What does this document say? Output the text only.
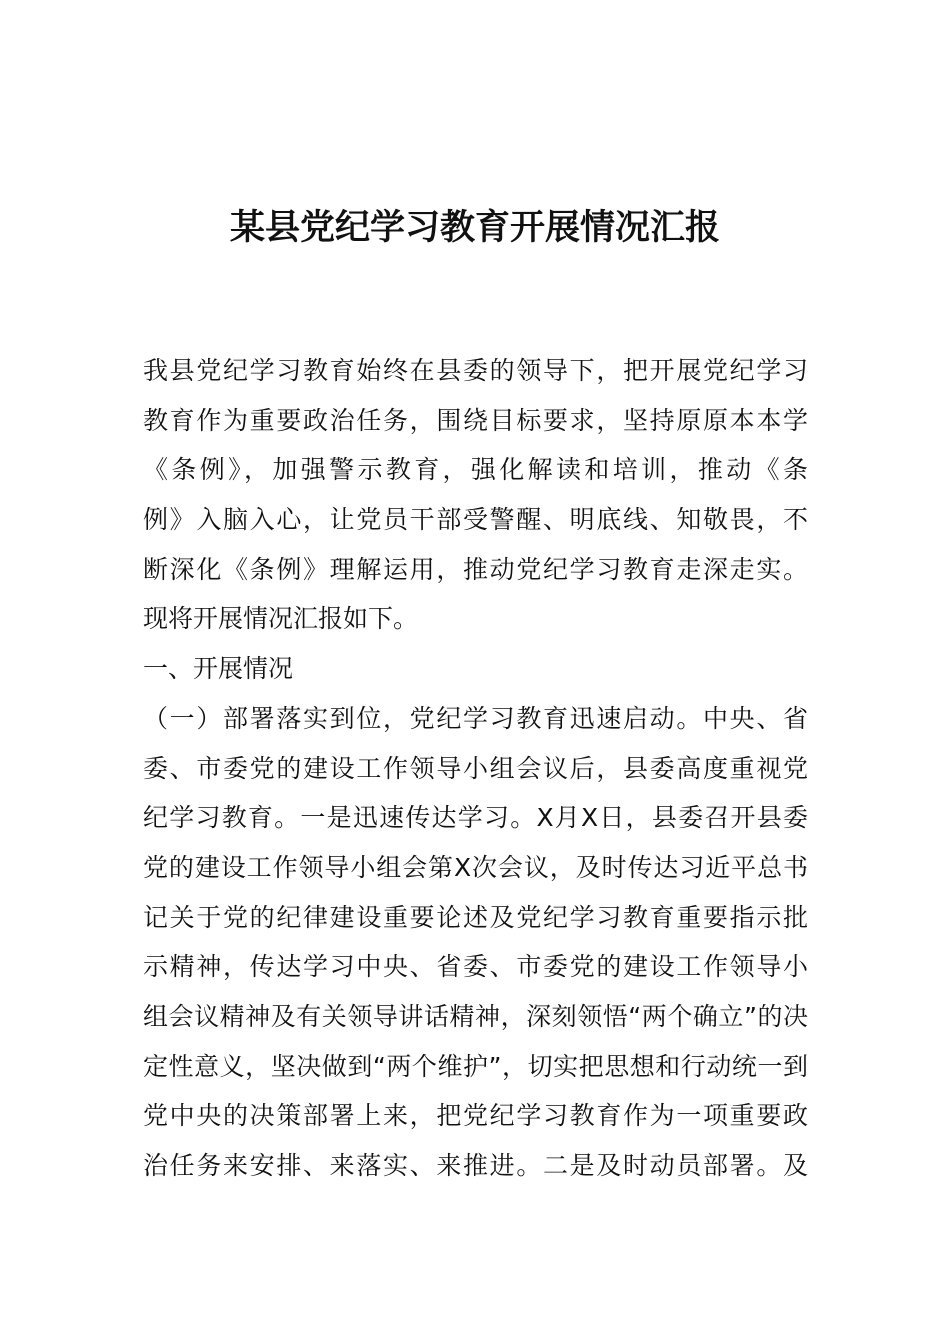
某县党纪学习教育开展情况汇报
我县党纪学习教育始终在县委的领导下，把开展党纪学习
教育作为重要政治任务，围绕目标要求，坚持原原本本学
《条例》，加强警示教育，强化解读和培训，推动《条
例》入脑入心，让党员干部受警醒、明底线、知敬畏，不
断深化《条例》理解运用，推动党纪学习教育走深走实。
现将开展情况汇报如下。
一、开展情况
（一）部署落实到位，党纪学习教育迅速启动。中央、省
委、市委党的建设工作领导小组会议后，县委高度重视党
纪学习教育。一是迅速传达学习。X月X日，县委召开县委
党的建设工作领导小组会第X次会议，及时传达习近平总书
记关于党的纪律建设重要论述及党纪学习教育重要指示批
示精神，传达学习中央、省委、市委党的建设工作领导小
组会议精神及有关领导讲话精神，深刻领悟“两个确立”的决
定性意义，坚决做到“两个维护”，切实把思想和行动统一到
党中央的决策部署上来，把党纪学习教育作为一项重要政
治任务来安排、来落实、来推进。二是及时动员部署。及
